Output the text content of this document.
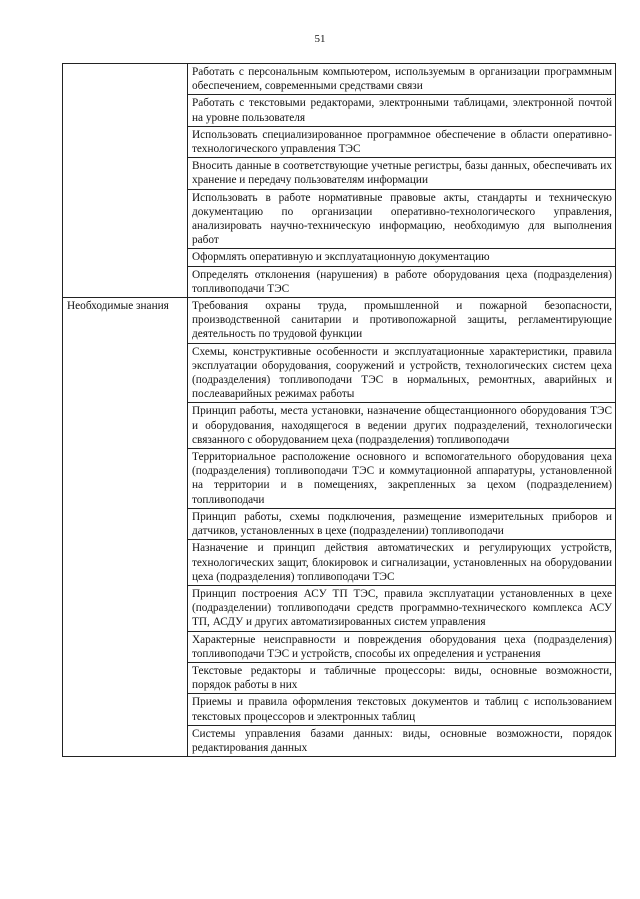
51
	Работать с персональным компьютером, используемым в организации программным обеспечением, современными средствами связи
	Работать с текстовыми редакторами, электронными таблицами, электронной почтой на уровне пользователя
	Использовать специализированное программное обеспечение в области оперативно-технологического управления ТЭС
	Вносить данные в соответствующие учетные регистры, базы данных, обеспечивать их хранение и передачу пользователям информации
	Использовать в работе нормативные правовые акты, стандарты и техническую документацию по организации оперативно-технологического управления, анализировать научно-техническую информацию, необходимую для выполнения работ
	Оформлять оперативную и эксплуатационную документацию
	Определять отклонения (нарушения) в работе оборудования цеха (подразделения) топливоподачи ТЭС
Необходимые знания	Требования охраны труда, промышленной и пожарной безопасности, производственной санитарии и противопожарной защиты, регламентирующие деятельность по трудовой функции
	Схемы, конструктивные особенности и эксплуатационные характеристики, правила эксплуатации оборудования, сооружений и устройств, технологических систем цеха (подразделения) топливоподачи ТЭС в нормальных, ремонтных, аварийных и послеаварийных режимах работы
	Принцип работы, места установки, назначение общестанционного оборудования ТЭС и оборудования, находящегося в ведении других подразделений, технологически связанного с оборудованием цеха (подразделения) топливоподачи
	Территориальное расположение основного и вспомогательного оборудования цеха (подразделения) топливоподачи ТЭС и коммутационной аппаратуры, установленной на территории и в помещениях, закрепленных за цехом (подразделением) топливоподачи
	Принцип работы, схемы подключения, размещение измерительных приборов и датчиков, установленных в цехе (подразделении) топливоподачи
	Назначение и принцип действия автоматических и регулирующих устройств, технологических защит, блокировок и сигнализации, установленных на оборудовании цеха (подразделения) топливоподачи ТЭС
	Принцип построения АСУ ТП ТЭС, правила эксплуатации установленных в цехе (подразделении) топливоподачи средств программно-технического комплекса АСУ ТП, АСДУ и других автоматизированных систем управления
	Характерные неисправности и повреждения оборудования цеха (подразделения) топливоподачи ТЭС и устройств, способы их определения и устранения
	Текстовые редакторы и табличные процессоры: виды, основные возможности, порядок работы в них
	Приемы и правила оформления текстовых документов и таблиц с использованием текстовых процессоров и электронных таблиц
	Системы управления базами данных: виды, основные возможности, порядок редактирования данных
